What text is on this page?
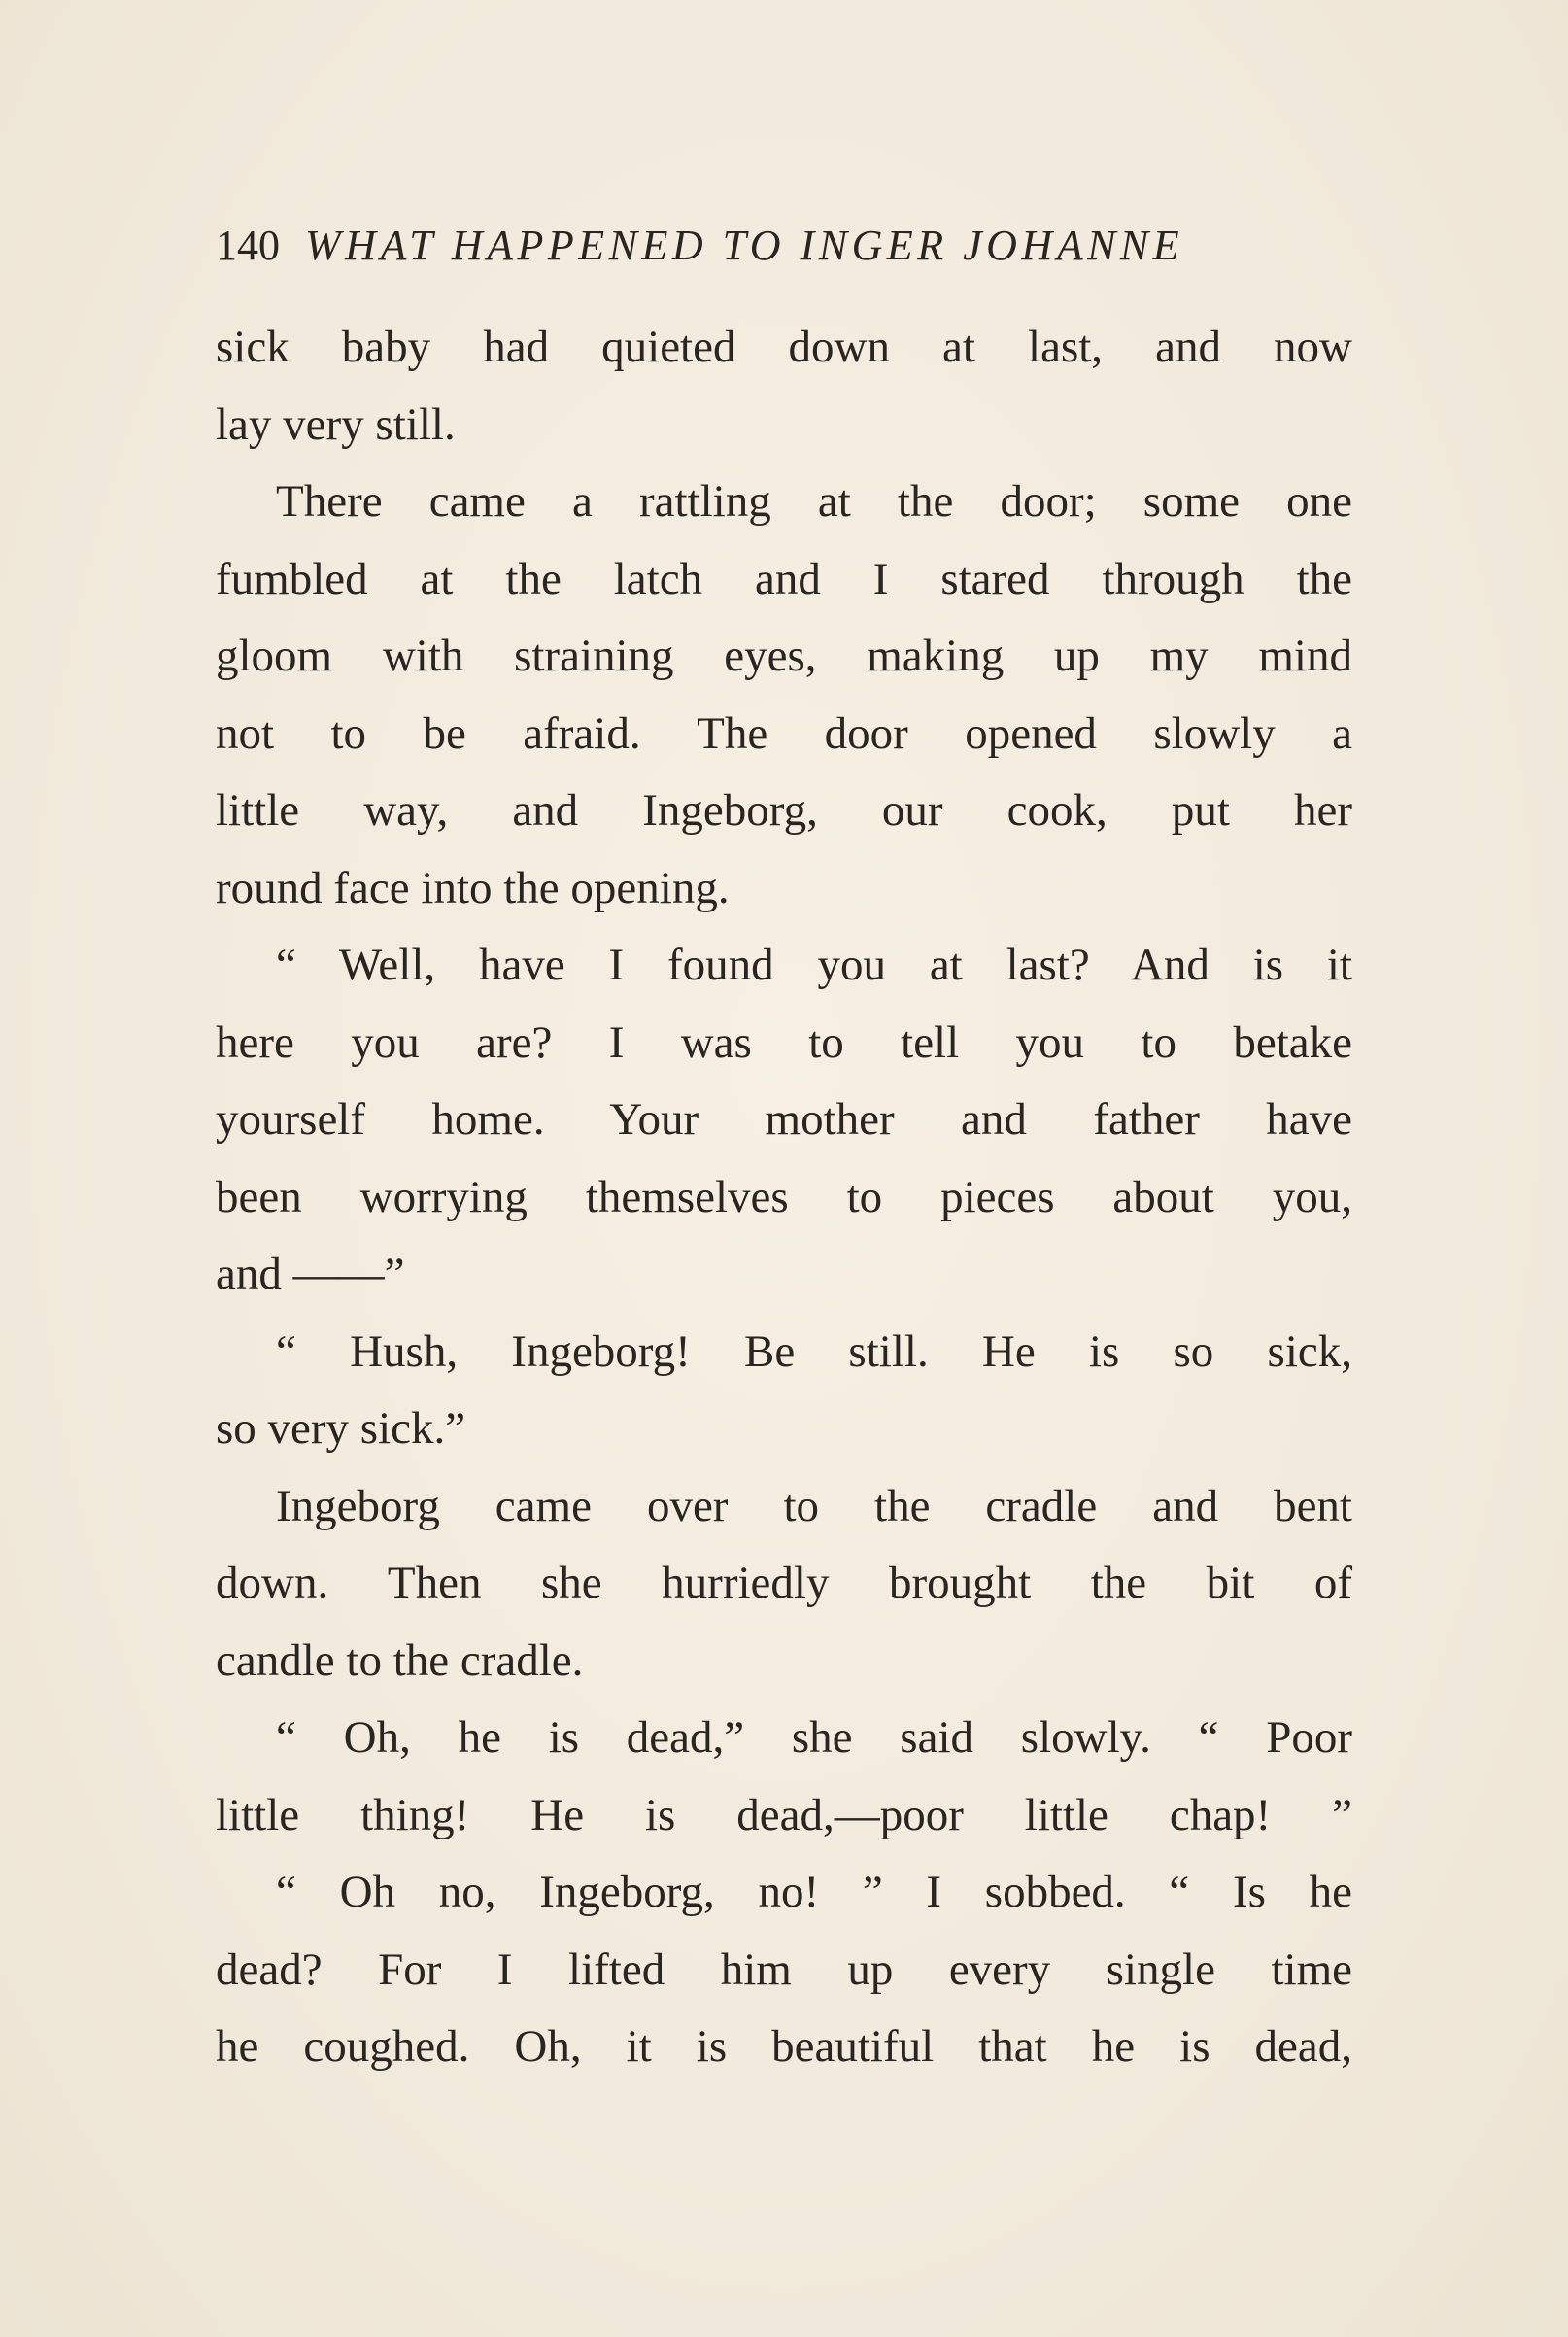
140 WHAT HAPPENED TO INGER JOHANNE
sick baby had quieted down at last, and now
lay very still.
There came a rattling at the door; some one
fumbled at the latch and I stared through the
gloom with straining eyes, making up my mind
not to be afraid. The door opened slowly a
little way, and Ingeborg, our cook, put her
round face into the opening.
“ Well, have I found you at last? And is it
here you are? I was to tell you to betake
yourself home. Your mother and father have
been worrying themselves to pieces about you,
and ——”
“ Hush, Ingeborg! Be still. He is so sick,
so very sick.”
Ingeborg came over to the cradle and bent
down. Then she hurriedly brought the bit of
candle to the cradle.
“ Oh, he is dead,” she said slowly. “ Poor
little thing! He is dead,—poor little chap! ”
“ Oh no, Ingeborg, no! ” I sobbed. “ Is he
dead? For I lifted him up every single time
he coughed. Oh, it is beautiful that he is dead,
